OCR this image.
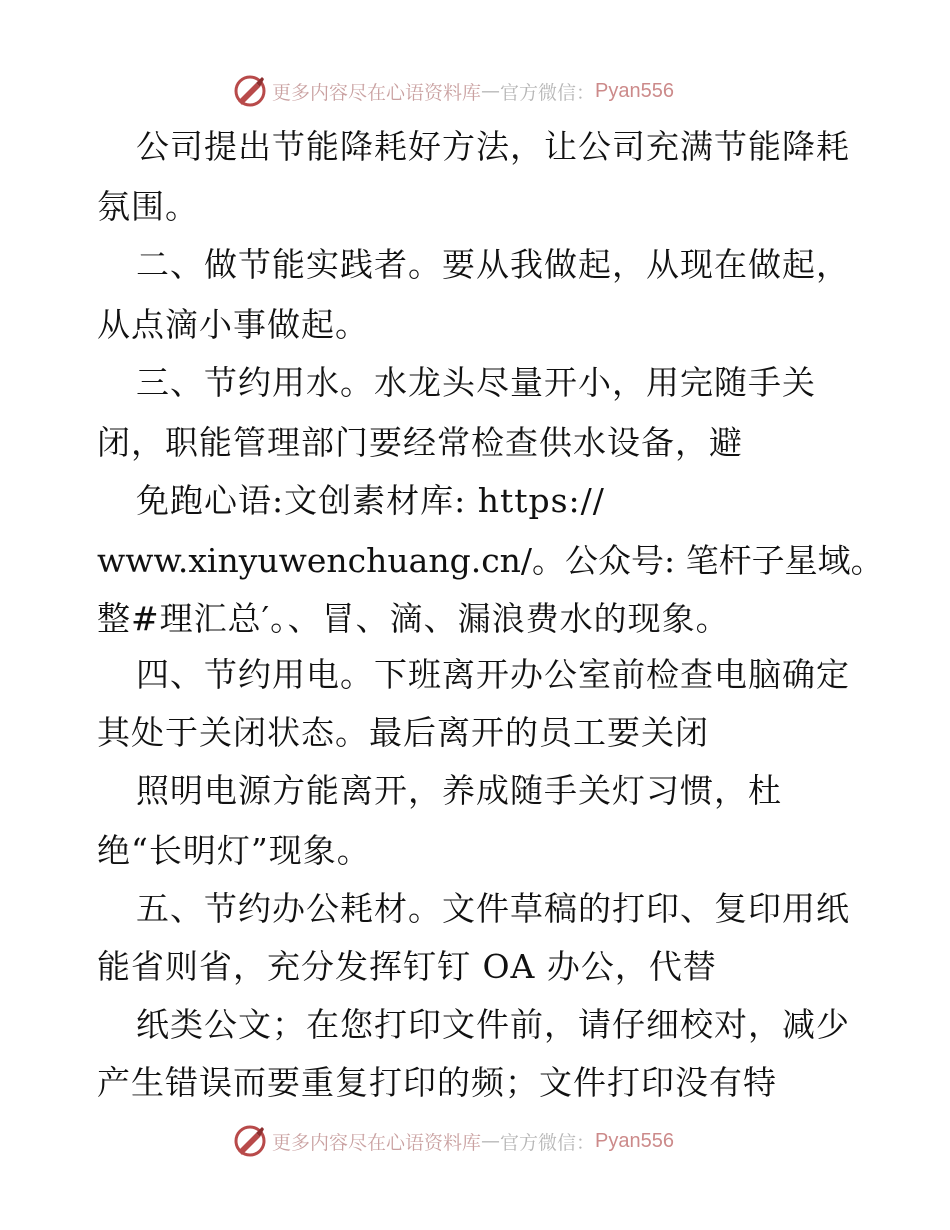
更多内容尽在心语资料库 — 官方微信： Pyan556
公司提出节能降耗好方法，让公司充满节能降耗
氛围。
二、做节能实践者。要从我做起，从现在做起，
从点滴小事做起。
三、节约用水。水龙头尽量开小，用完随手关
闭，职能管理部门要经常检查供水设备，避
免跑心语:文创素材库: https://
www.xinyuwenchuang.cn/。公众号: 笔杆子星域。
整#理汇总′。、冒、滴、漏浪费水的现象。
四、节约用电。下班离开办公室前检查电脑确定
其处于关闭状态。最后离开的员工要关闭
照明电源方能离开，养成随手关灯习惯，杜
绝“长明灯”现象。
五、节约办公耗材。文件草稿的打印、复印用纸
能省则省，充分发挥钉钉 OA 办公，代替
纸类公文；在您打印文件前，请仔细校对，减少
产生错误而要重复打印的频；文件打印没有特
更多内容尽在心语资料库 — 官方微信： Pyan556
